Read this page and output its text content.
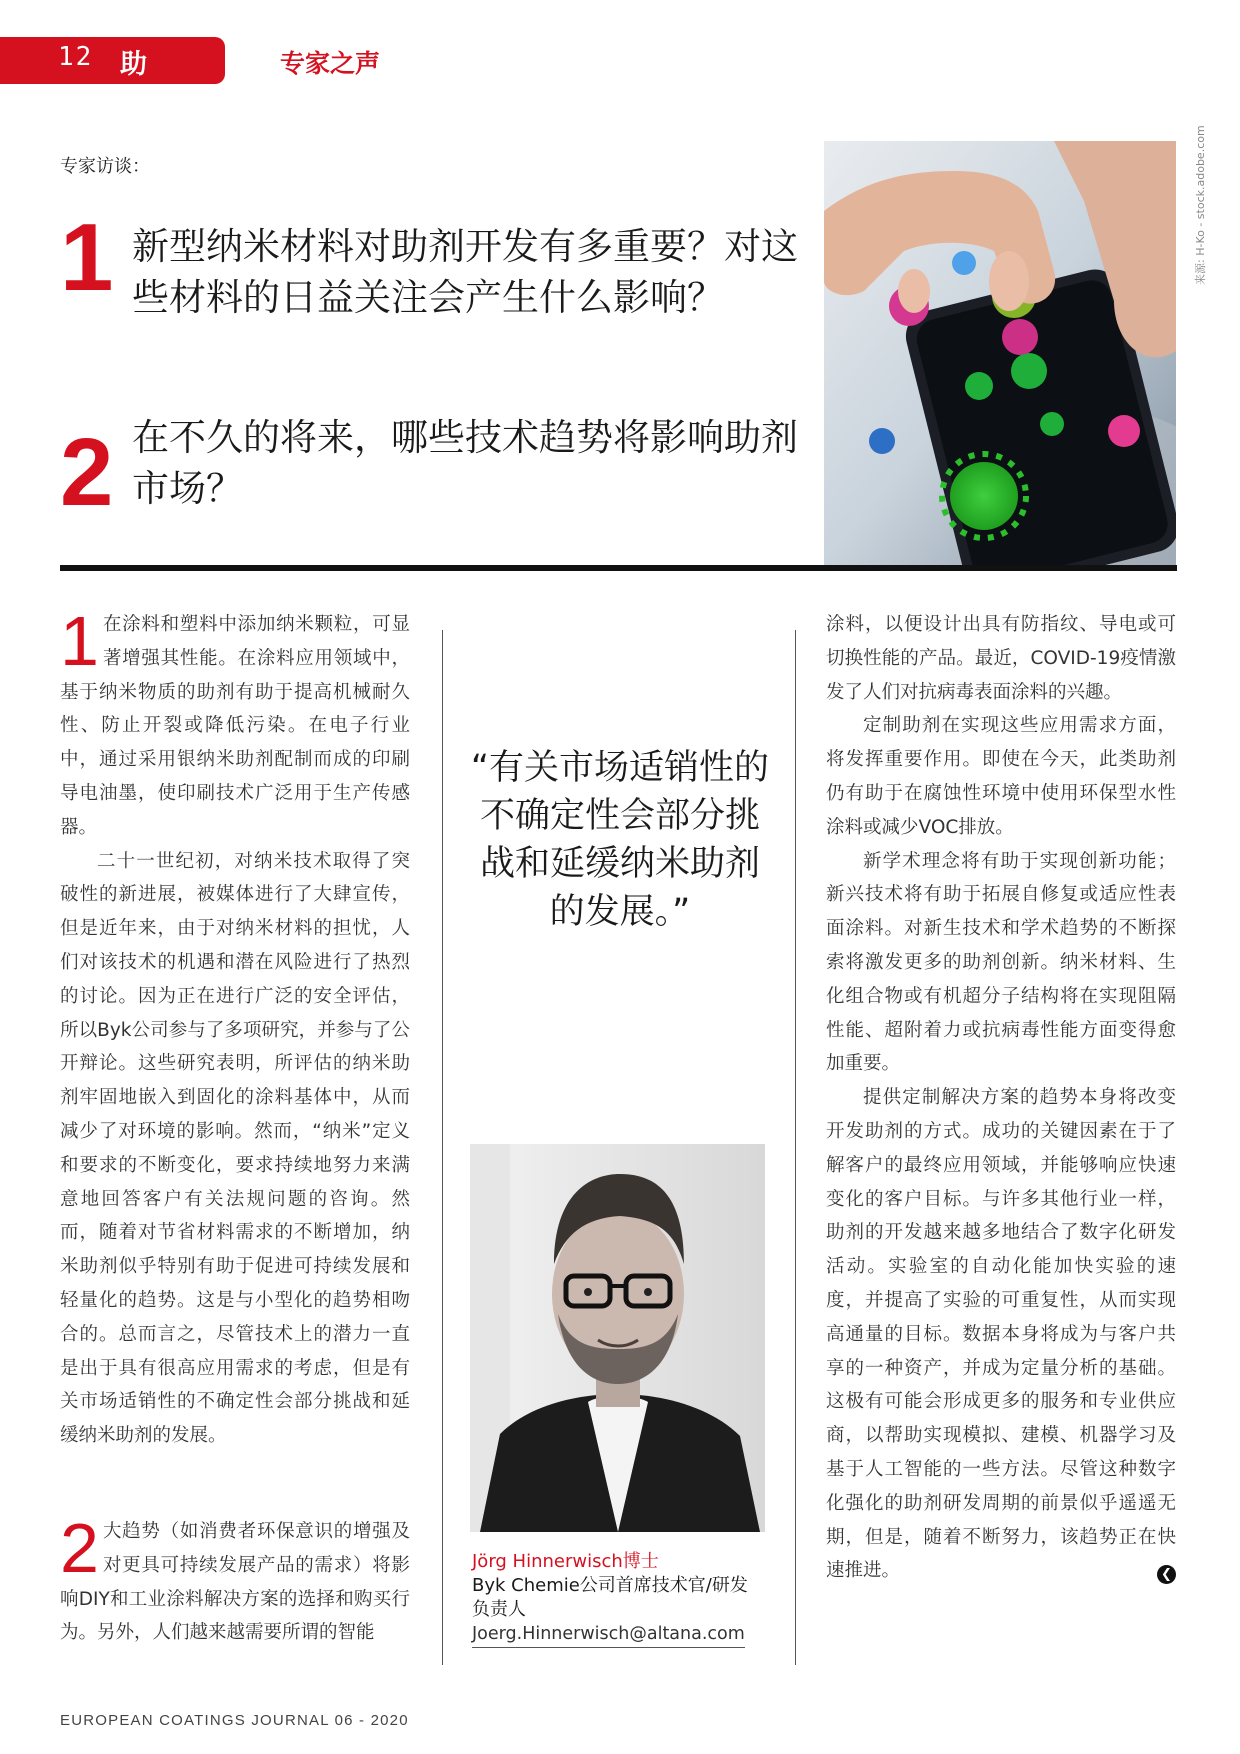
12 助 剂
专家之声
专家访谈：
1 新型纳米材料对助剂开发有多重要？对这些材料的日益关注会产生什么影响？
2 在不久的将来，哪些技术趋势将影响助剂市场？
来源: H-Ko - stock.adobe.com

1 在涂料和塑料中添加纳米颗粒，可显著增强其性能。在涂料应用领域中，基于纳米物质的助剂有助于提高机械耐久性、防止开裂或降低污染。在电子行业中，通过采用银纳米助剂配制而成的印刷导电油墨，使印刷技术广泛用于生产传感器。

二十一世纪初，对纳米技术取得了突破性的新进展，被媒体进行了大肆宣传，但是近年来，由于对纳米材料的担忧，人们对该技术的机遇和潜在风险进行了热烈的讨论。因为正在进行广泛的安全评估，所以Byk公司参与了多项研究，并参与了公开辩论。这些研究表明，所评估的纳米助剂牢固地嵌入到固化的涂料基体中，从而减少了对环境的影响。然而，“纳米”定义和要求的不断变化，要求持续地努力来满意地回答客户有关法规问题的咨询。然而，随着对节省材料需求的不断增加，纳米助剂似乎特别有助于促进可持续发展和轻量化的趋势。这是与小型化的趋势相吻合的。总而言之，尽管技术上的潜力一直是出于具有很高应用需求的考虑，但是有关市场适销性的不确定性会部分挑战和延缓纳米助剂的发展。

2 大趋势（如消费者环保意识的增强及对更具可持续发展产品的需求）将影响DIY和工业涂料解决方案的选择和购买行为。另外，人们越来越需要所谓的智能

“有关市场适销性的不确定性会部分挑战和延缓纳米助剂的发展。”
Jörg Hinnerwisch博士
Byk Chemie公司首席技术官/研发负责人
Joerg.Hinnerwisch@altana.com

涂料，以便设计出具有防指纹、导电或可切换性能的产品。最近，COVID-19疫情激发了人们对抗病毒表面涂料的兴趣。

定制助剂在实现这些应用需求方面，将发挥重要作用。即使在今天，此类助剂仍有助于在腐蚀性环境中使用环保型水性涂料或减少VOC排放。

新学术理念将有助于实现创新功能；新兴技术将有助于拓展自修复或适应性表面涂料。对新生技术和学术趋势的不断探索将激发更多的助剂创新。纳米材料、生化组合物或有机超分子结构将在实现阻隔性能、超附着力或抗病毒性能方面变得愈加重要。

提供定制解决方案的趋势本身将改变开发助剂的方式。成功的关键因素在于了解客户的最终应用领域，并能够响应快速变化的客户目标。与许多其他行业一样，助剂的开发越来越多地结合了数字化研发活动。实验室的自动化能加快实验的速度，并提高了实验的可重复性，从而实现高通量的目标。数据本身将成为与客户共享的一种资产，并成为定量分析的基础。这极有可能会形成更多的服务和专业供应商，以帮助实现模拟、建模、机器学习及基于人工智能的一些方法。尽管这种数字化强化的助剂研发周期的前景似乎遥遥无期，但是，随着不断努力，该趋势正在快速推进。	❮
EUROPEAN COATINGS JOURNAL 06 - 2020
